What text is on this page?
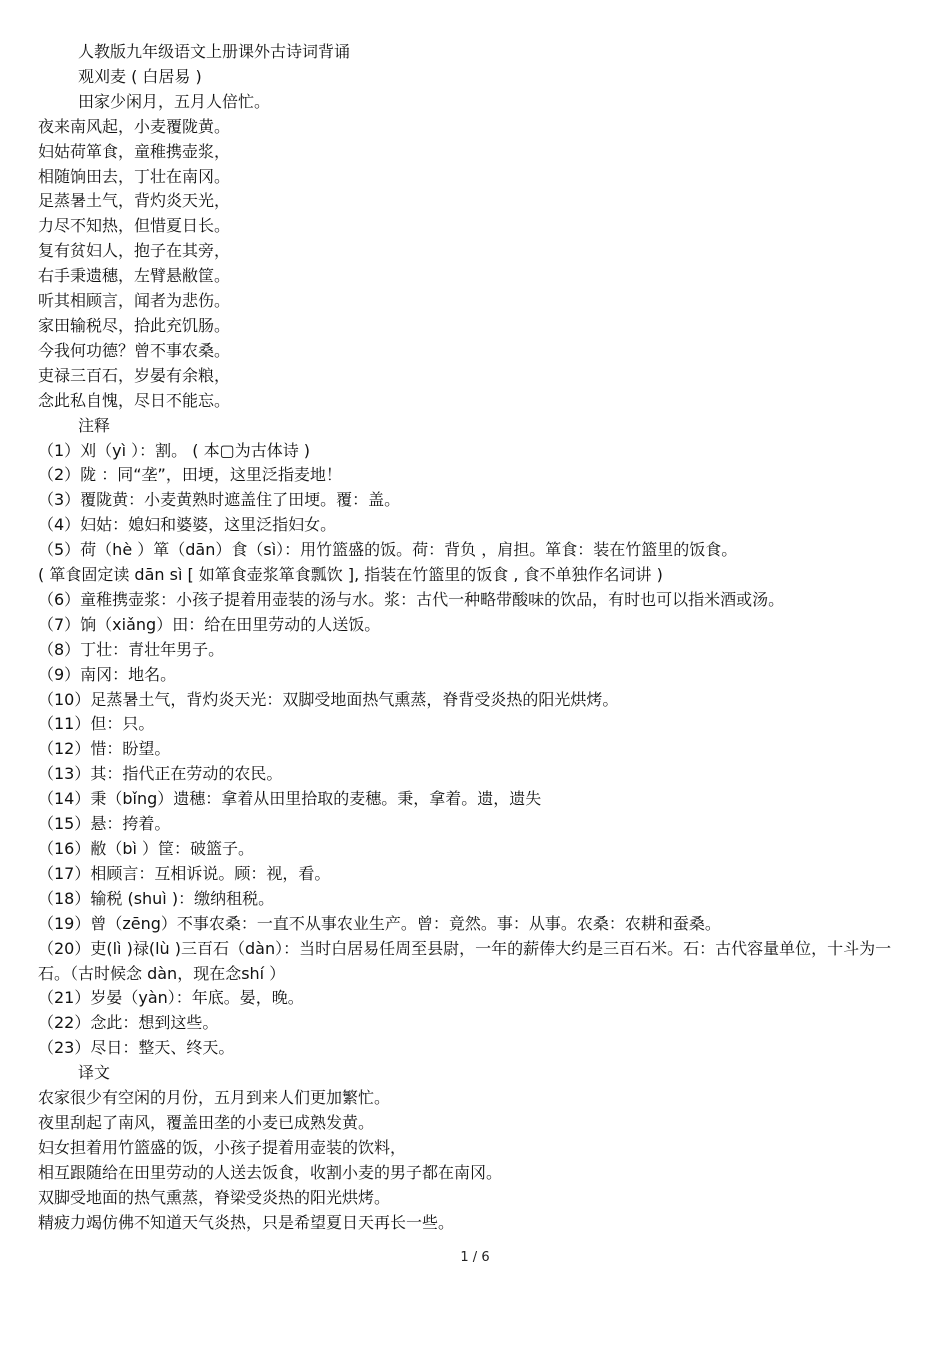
人教版九年级语文上册课外古诗词背诵
观刈麦 ( 白居易 )
田家少闲月，五月人倍忙。
夜来南风起，小麦覆陇黄。
妇姑荷箪食，童稚携壶浆，
相随饷田去，丁壮在南冈。
足蒸暑土气，背灼炎天光，
力尽不知热，但惜夏日长。
复有贫妇人，抱子在其旁，
右手秉遗穗，左臂悬敝筐。
听其相顾言，闻者为悲伤。
家田输税尽，拾此充饥肠。
今我何功德？曾不事农桑。
吏禄三百石，岁晏有余粮，
念此私自愧，尽日不能忘。
注释
（1）刈（yì ）：割。 ( 本▢为古体诗 )
（2）陇 ：同“垄”，田埂，这里泛指麦地！
（3）覆陇黄：小麦黄熟时遮盖住了田埂。覆：盖。
（4）妇姑：媳妇和婆婆，这里泛指妇女。
（5）荷（hè ）箪（dān）食（sì）：用竹篮盛的饭。荷：背负 ，肩担。箪食：装在竹篮里的饭食。
( 箪食固定读 dān sì [ 如箪食壶浆箪食瓢饮 ], 指装在竹篮里的饭食 , 食不单独作名词讲 )
（6）童稚携壶浆：小孩子提着用壶装的汤与水。浆：古代一种略带酸味的饮品，有时也可以指米酒或汤。
（7）饷（xiǎng）田：给在田里劳动的人送饭。
（8）丁壮：青壮年男子。
（9）南冈：地名。
（10）足蒸暑土气，背灼炎天光：双脚受地面热气熏蒸，脊背受炎热的阳光烘烤。
（11）但：只。
（12）惜：盼望。
（13）其：指代正在劳动的农民。
（14）秉（bǐng）遗穗：拿着从田里拾取的麦穗。秉，拿着。遗，遗失
（15）悬：挎着。
（16）敝（bì ）筐：破篮子。
（17）相顾言：互相诉说。顾：视，看。
（18）输税 (shuì )：缴纳租税。
（19）曾（zēng）不事农桑：一直不从事农业生产。曾：竟然。事：从事。农桑：农耕和蚕桑。
（20）吏(lì )禄(lù )三百石（dàn）：当时白居易任周至县尉，一年的薪俸大约是三百石米。石：古代容量单位，十斗为一石。（古时候念 dàn，现在念shí ）
（21）岁晏（yàn）：年底。晏，晚。
（22）念此：想到这些。
（23）尽日：整天、终天。
译文
农家很少有空闲的月份，五月到来人们更加繁忙。
夜里刮起了南风，覆盖田垄的小麦已成熟发黄。
妇女担着用竹篮盛的饭，小孩子提着用壶装的饮料，
相互跟随给在田里劳动的人送去饭食，收割小麦的男子都在南冈。
双脚受地面的热气熏蒸，脊梁受炎热的阳光烘烤。
精疲力竭仿佛不知道天气炎热，只是希望夏日天再长一些。
1 / 6
